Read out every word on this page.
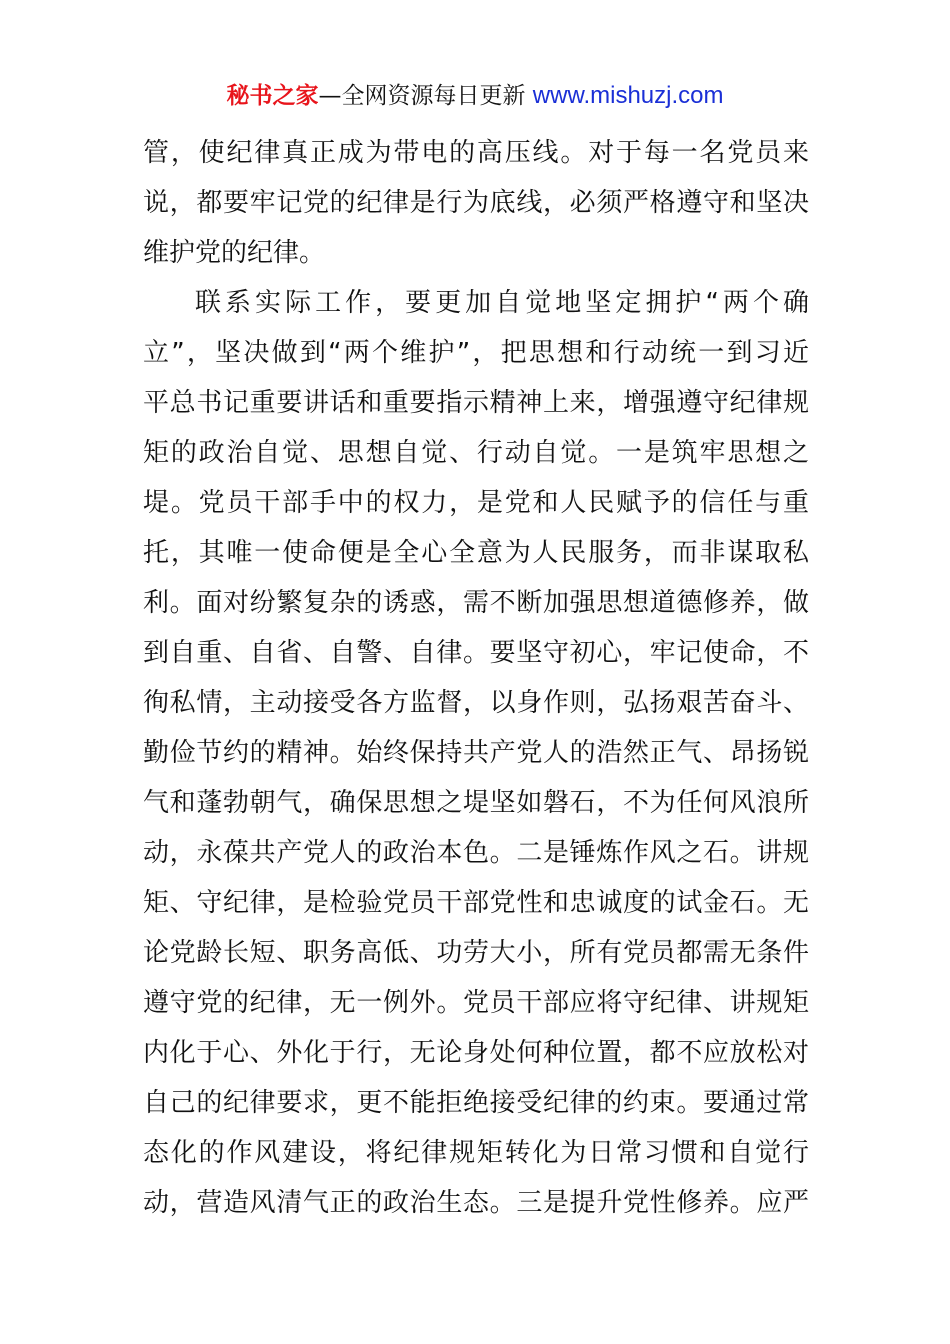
秘书之家—全网资源每日更新 www.mishuzj.com
管，使纪律真正成为带电的高压线。对于每一名党员来
说，都要牢记党的纪律是行为底线，必须严格遵守和坚决
维护党的纪律。
联系实际工作，要更加自觉地坚定拥护“两个确
立”，坚决做到“两个维护”，把思想和行动统一到习近
平总书记重要讲话和重要指示精神上来，增强遵守纪律规
矩的政治自觉、思想自觉、行动自觉。一是筑牢思想之
堤。党员干部手中的权力，是党和人民赋予的信任与重
托，其唯一使命便是全心全意为人民服务，而非谋取私
利。面对纷繁复杂的诱惑，需不断加强思想道德修养，做
到自重、自省、自警、自律。要坚守初心，牢记使命，不
徇私情，主动接受各方监督，以身作则，弘扬艰苦奋斗、
勤俭节约的精神。始终保持共产党人的浩然正气、昂扬锐
气和蓬勃朝气，确保思想之堤坚如磐石，不为任何风浪所
动，永葆共产党人的政治本色。二是锤炼作风之石。讲规
矩、守纪律，是检验党员干部党性和忠诚度的试金石。无
论党龄长短、职务高低、功劳大小，所有党员都需无条件
遵守党的纪律，无一例外。党员干部应将守纪律、讲规矩
内化于心、外化于行，无论身处何种位置，都不应放松对
自己的纪律要求，更不能拒绝接受纪律的约束。要通过常
态化的作风建设，将纪律规矩转化为日常习惯和自觉行
动，营造风清气正的政治生态。三是提升党性修养。应严
